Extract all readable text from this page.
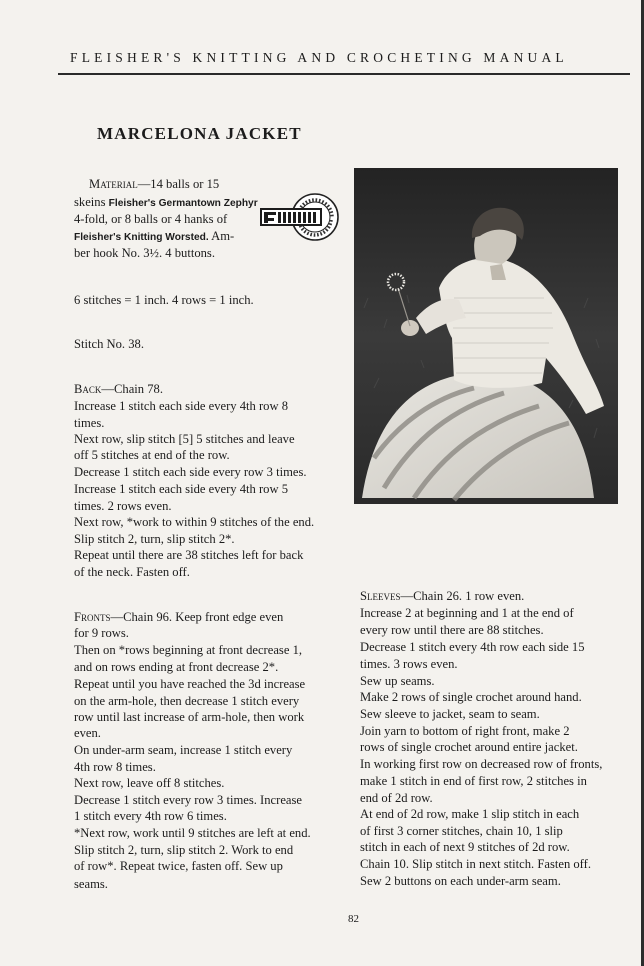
FLEISHER'S KNITTING AND CROCHETING MANUAL
MARCELONA JACKET
Material—14 balls or 15
skeins Fleisher's Germantown Zephyr
4-fold, or 8 balls or 4 hanks of
Fleisher's Knitting Worsted. Am-
ber hook No. 3½. 4 buttons.
6 stitches = 1 inch. 4 rows = 1 inch.
Stitch No. 38.
Back—Chain 78.
Increase 1 stitch each side every 4th row 8
times.
Next row, slip stitch [5] 5 stitches and leave
off 5 stitches at end of the row.
Decrease 1 stitch each side every row 3 times.
Increase 1 stitch each side every 4th row 5
times. 2 rows even.
Next row, *work to within 9 stitches of the end.
Slip stitch 2, turn, slip stitch 2*.
Repeat until there are 38 stitches left for back
of the neck. Fasten off.
Fronts—Chain 96. Keep front edge even
for 9 rows.
Then on *rows beginning at front decrease 1,
and on rows ending at front decrease 2*.
Repeat until you have reached the 3d increase
on the arm-hole, then decrease 1 stitch every
row until last increase of arm-hole, then work
even.
On under-arm seam, increase 1 stitch every
4th row 8 times.
Next row, leave off 8 stitches.
Decrease 1 stitch every row 3 times. Increase
1 stitch every 4th row 6 times.
*Next row, work until 9 stitches are left at end.
Slip stitch 2, turn, slip stitch 2. Work to end
of row*. Repeat twice, fasten off. Sew up
seams.
Sleeves—Chain 26. 1 row even.
Increase 2 at beginning and 1 at the end of
every row until there are 88 stitches.
Decrease 1 stitch every 4th row each side 15
times. 3 rows even.
Sew up seams.
Make 2 rows of single crochet around hand.
Sew sleeve to jacket, seam to seam.
Join yarn to bottom of right front, make 2
rows of single crochet around entire jacket.
In working first row on decreased row of fronts,
make 1 stitch in end of first row, 2 stitches in
end of 2d row.
At end of 2d row, make 1 slip stitch in each
of first 3 corner stitches, chain 10, 1 slip
stitch in each of next 9 stitches of 2d row.
Chain 10. Slip stitch in next stitch. Fasten off.
Sew 2 buttons on each under-arm seam.
82
